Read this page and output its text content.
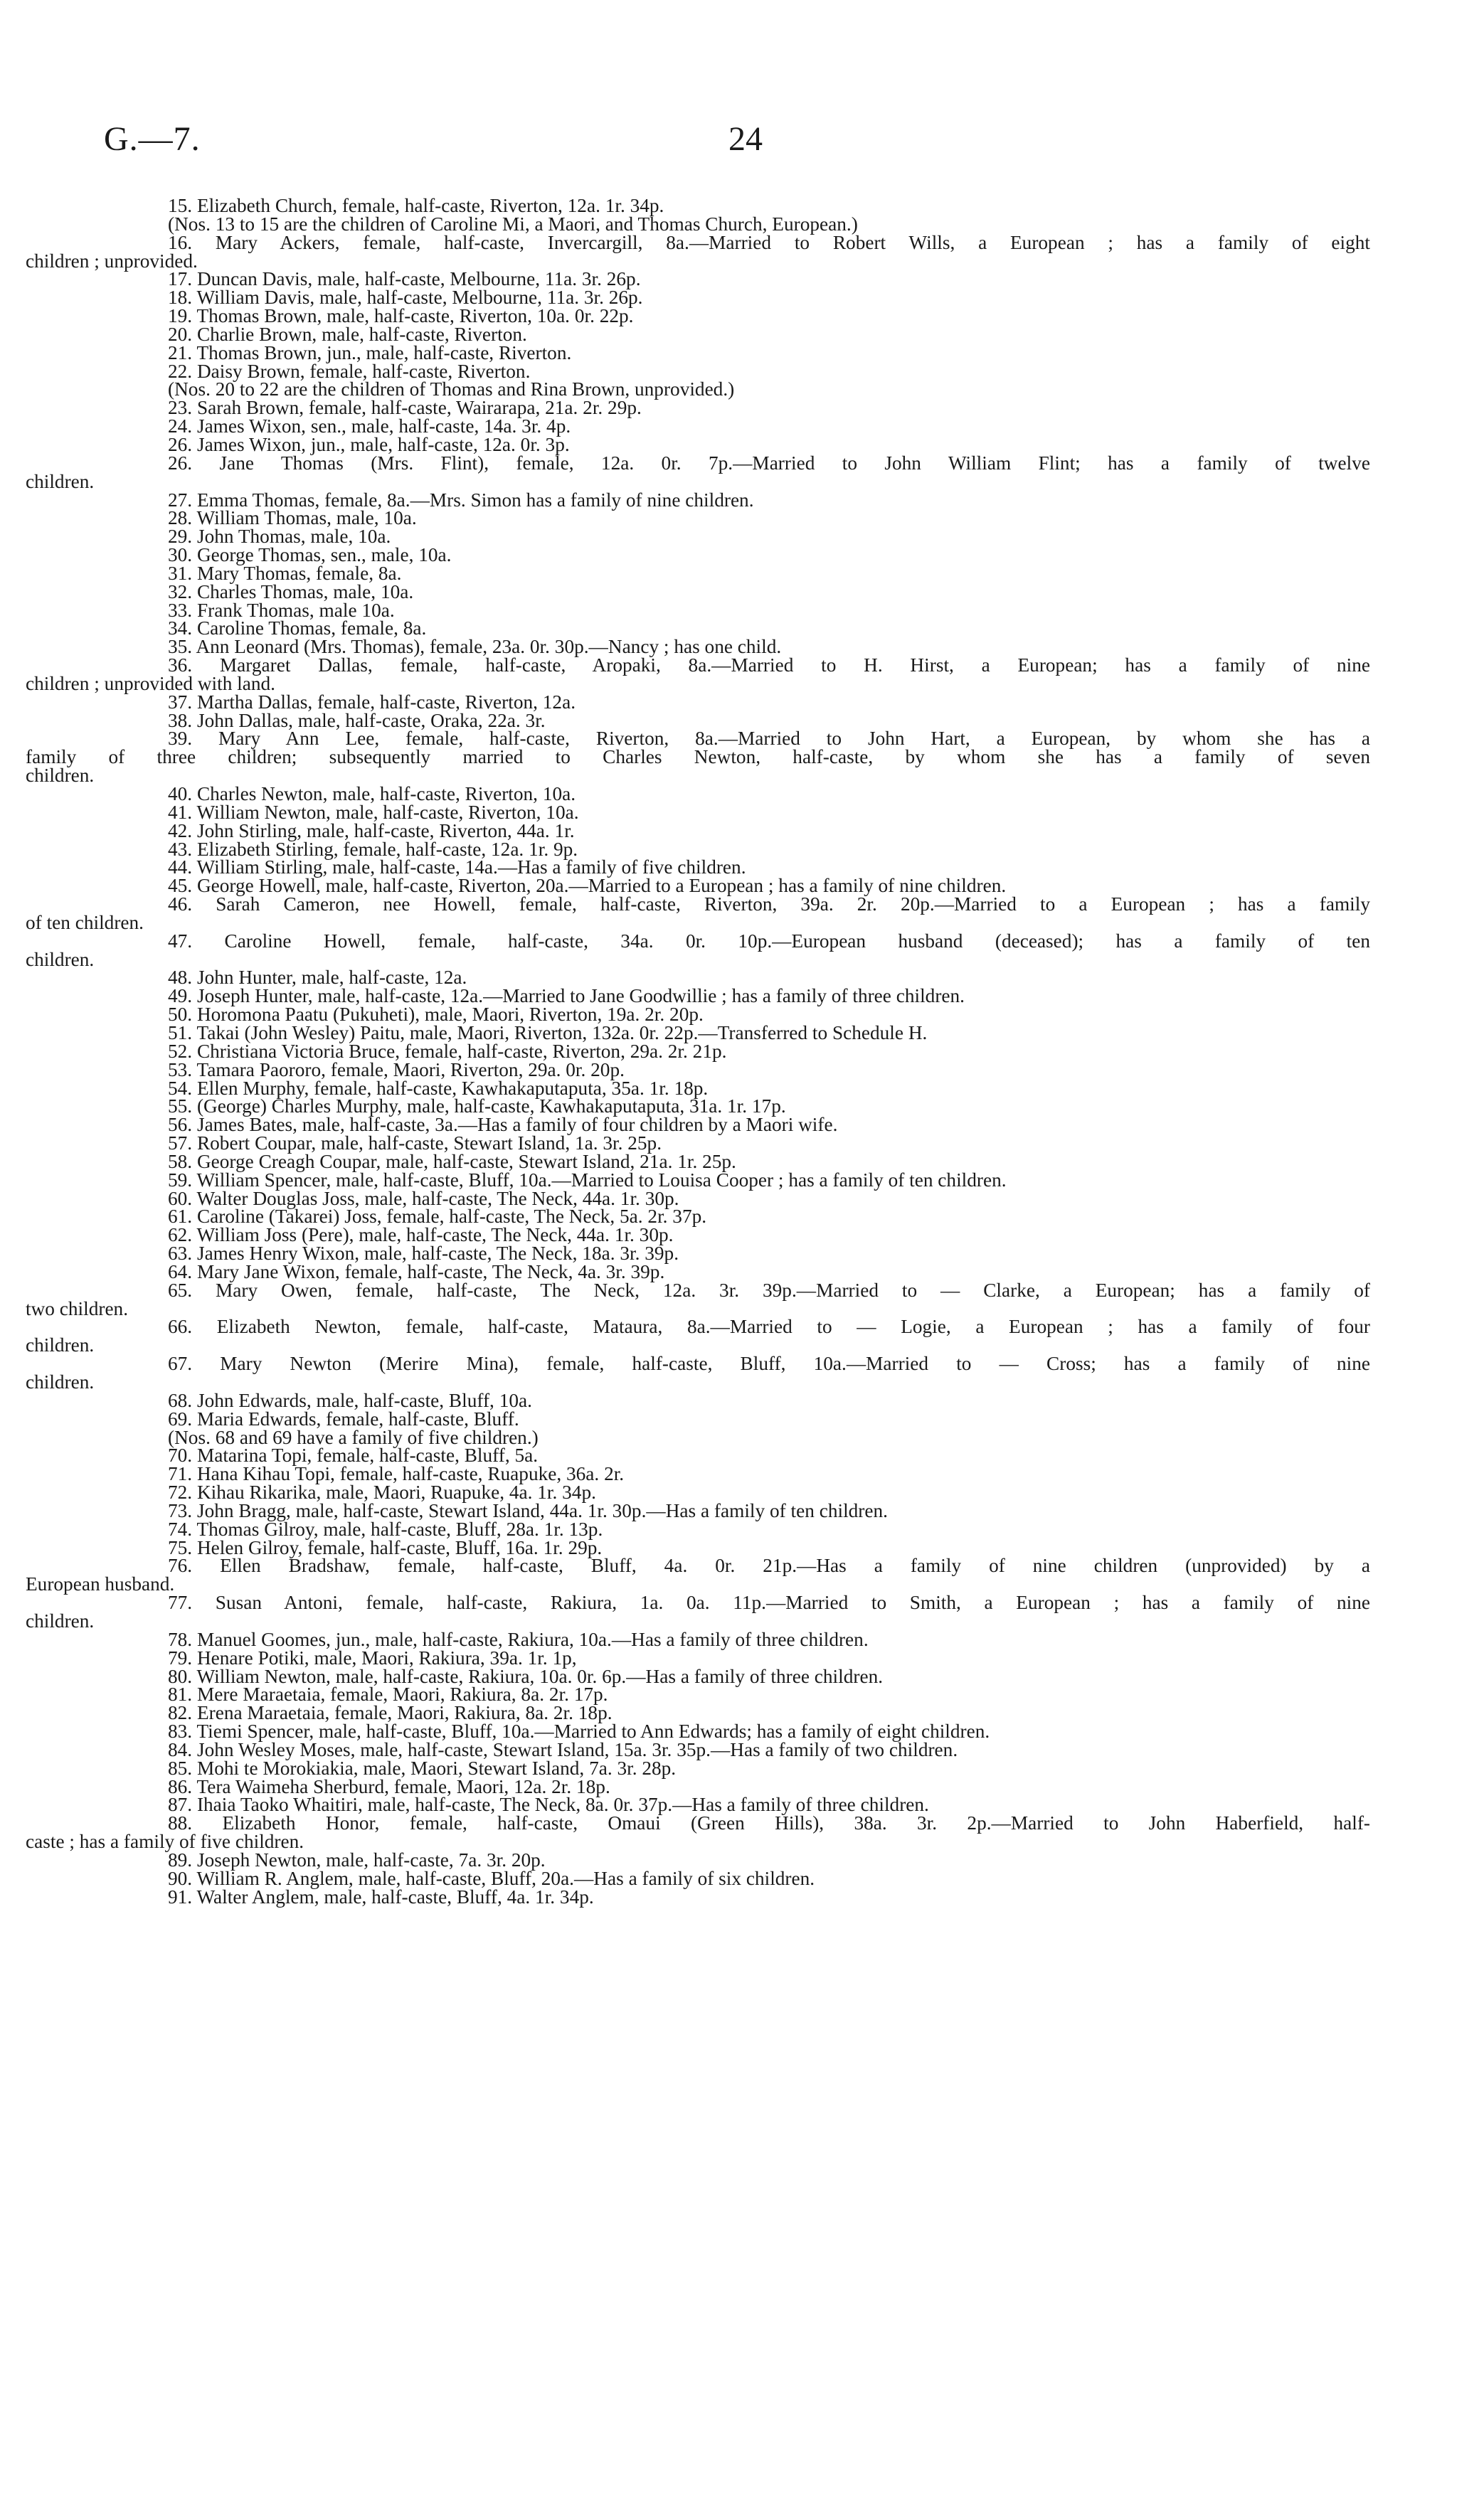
G.—7.	24
15. Elizabeth Church, female, half-caste, Riverton, 12a. 1r. 34p.
(Nos. 13 to 15 are the children of Caroline Mi, a Maori, and Thomas Church, European.)
16. Mary Ackers, female, half-caste, Invercargill, 8a.—Married to Robert Wills, a European ; has a family of eight
children ; unprovided.
17. Duncan Davis, male, half-caste, Melbourne, 11a. 3r. 26p.
18. William Davis, male, half-caste, Melbourne, 11a. 3r. 26p.
19. Thomas Brown, male, half-caste, Riverton, 10a. 0r. 22p.
20. Charlie Brown, male, half-caste, Riverton.
21. Thomas Brown, jun., male, half-caste, Riverton.
22. Daisy Brown, female, half-caste, Riverton.
(Nos. 20 to 22 are the children of Thomas and Rina Brown, unprovided.)
23. Sarah Brown, female, half-caste, Wairarapa, 21a. 2r. 29p.
24. James Wixon, sen., male, half-caste, 14a. 3r. 4p.
26. James Wixon, jun., male, half-caste, 12a. 0r. 3p.
26. Jane Thomas (Mrs. Flint), female, 12a. 0r. 7p.—Married to John William Flint; has a family of twelve
children.
27. Emma Thomas, female, 8a.—Mrs. Simon has a family of nine children.
28. William Thomas, male, 10a.
29. John Thomas, male, 10a.
30. George Thomas, sen., male, 10a.
31. Mary Thomas, female, 8a.
32. Charles Thomas, male, 10a.
33. Frank Thomas, male 10a.
34. Caroline Thomas, female, 8a.
35. Ann Leonard (Mrs. Thomas), female, 23a. 0r. 30p.—Nancy ; has one child.
36. Margaret Dallas, female, half-caste, Aropaki, 8a.—Married to H. Hirst, a European; has a family of nine
children ; unprovided with land.
37. Martha Dallas, female, half-caste, Riverton, 12a.
38. John Dallas, male, half-caste, Oraka, 22a. 3r.
39. Mary Ann Lee, female, half-caste, Riverton, 8a.—Married to John Hart, a European, by whom she has a
family of three children; subsequently married to Charles Newton, half-caste, by whom she has a family of seven
children.
40. Charles Newton, male, half-caste, Riverton, 10a.
41. William Newton, male, half-caste, Riverton, 10a.
42. John Stirling, male, half-caste, Riverton, 44a. 1r.
43. Elizabeth Stirling, female, half-caste, 12a. 1r. 9p.
44. William Stirling, male, half-caste, 14a.—Has a family of five children.
45. George Howell, male, half-caste, Riverton, 20a.—Married to a European ; has a family of nine children.
46. Sarah Cameron, nee Howell, female, half-caste, Riverton, 39a. 2r. 20p.—Married to a European ; has a family
of ten children.
47. Caroline Howell, female, half-caste, 34a. 0r. 10p.—European husband (deceased); has a family of ten
children.
48. John Hunter, male, half-caste, 12a.
49. Joseph Hunter, male, half-caste, 12a.—Married to Jane Goodwillie ; has a family of three children.
50. Horomona Paatu (Pukuheti), male, Maori, Riverton, 19a. 2r. 20p.
51. Takai (John Wesley) Paitu, male, Maori, Riverton, 132a. 0r. 22p.—Transferred to Schedule H.
52. Christiana Victoria Bruce, female, half-caste, Riverton, 29a. 2r. 21p.
53. Tamara Paororo, female, Maori, Riverton, 29a. 0r. 20p.
54. Ellen Murphy, female, half-caste, Kawhakaputaputa, 35a. 1r. 18p.
55. (George) Charles Murphy, male, half-caste, Kawhakaputaputa, 31a. 1r. 17p.
56. James Bates, male, half-caste, 3a.—Has a family of four children by a Maori wife.
57. Robert Coupar, male, half-caste, Stewart Island, 1a. 3r. 25p.
58. George Creagh Coupar, male, half-caste, Stewart Island, 21a. 1r. 25p.
59. William Spencer, male, half-caste, Bluff, 10a.—Married to Louisa Cooper ; has a family of ten children.
60. Walter Douglas Joss, male, half-caste, The Neck, 44a. 1r. 30p.
61. Caroline (Takarei) Joss, female, half-caste, The Neck, 5a. 2r. 37p.
62. William Joss (Pere), male, half-caste, The Neck, 44a. 1r. 30p.
63. James Henry Wixon, male, half-caste, The Neck, 18a. 3r. 39p.
64. Mary Jane Wixon, female, half-caste, The Neck, 4a. 3r. 39p.
65. Mary Owen, female, half-caste, The Neck, 12a. 3r. 39p.—Married to — Clarke, a European; has a family of
two children.
66. Elizabeth Newton, female, half-caste, Mataura, 8a.—Married to — Logie, a European ; has a family of four
children.
67. Mary Newton (Merire Mina), female, half-caste, Bluff, 10a.—Married to — Cross; has a family of nine
children.
68. John Edwards, male, half-caste, Bluff, 10a.
69. Maria Edwards, female, half-caste, Bluff.
(Nos. 68 and 69 have a family of five children.)
70. Matarina Topi, female, half-caste, Bluff, 5a.
71. Hana Kihau Topi, female, half-caste, Ruapuke, 36a. 2r.
72. Kihau Rikarika, male, Maori, Ruapuke, 4a. 1r. 34p.
73. John Bragg, male, half-caste, Stewart Island, 44a. 1r. 30p.—Has a family of ten children.
74. Thomas Gilroy, male, half-caste, Bluff, 28a. 1r. 13p.
75. Helen Gilroy, female, half-caste, Bluff, 16a. 1r. 29p.
76. Ellen Bradshaw, female, half-caste, Bluff, 4a. 0r. 21p.—Has a family of nine children (unprovided) by a
European husband.
77. Susan Antoni, female, half-caste, Rakiura, 1a. 0a. 11p.—Married to Smith, a European ; has a family of nine
children.
78. Manuel Goomes, jun., male, half-caste, Rakiura, 10a.—Has a family of three children.
79. Henare Potiki, male, Maori, Rakiura, 39a. 1r. 1p,
80. William Newton, male, half-caste, Rakiura, 10a. 0r. 6p.—Has a family of three children.
81. Mere Maraetaia, female, Maori, Rakiura, 8a. 2r. 17p.
82. Erena Maraetaia, female, Maori, Rakiura, 8a. 2r. 18p.
83. Tiemi Spencer, male, half-caste, Bluff, 10a.—Married to Ann Edwards; has a family of eight children.
84. John Wesley Moses, male, half-caste, Stewart Island, 15a. 3r. 35p.—Has a family of two children.
85. Mohi te Morokiakia, male, Maori, Stewart Island, 7a. 3r. 28p.
86. Tera Waimeha Sherburd, female, Maori, 12a. 2r. 18p.
87. Ihaia Taoko Whaitiri, male, half-caste, The Neck, 8a. 0r. 37p.—Has a family of three children.
88. Elizabeth Honor, female, half-caste, Omaui (Green Hills), 38a. 3r. 2p.—Married to John Haberfield, half-
caste ; has a family of five children.
89. Joseph Newton, male, half-caste, 7a. 3r. 20p.
90. William R. Anglem, male, half-caste, Bluff, 20a.—Has a family of six children.
91. Walter Anglem, male, half-caste, Bluff, 4a. 1r. 34p.
